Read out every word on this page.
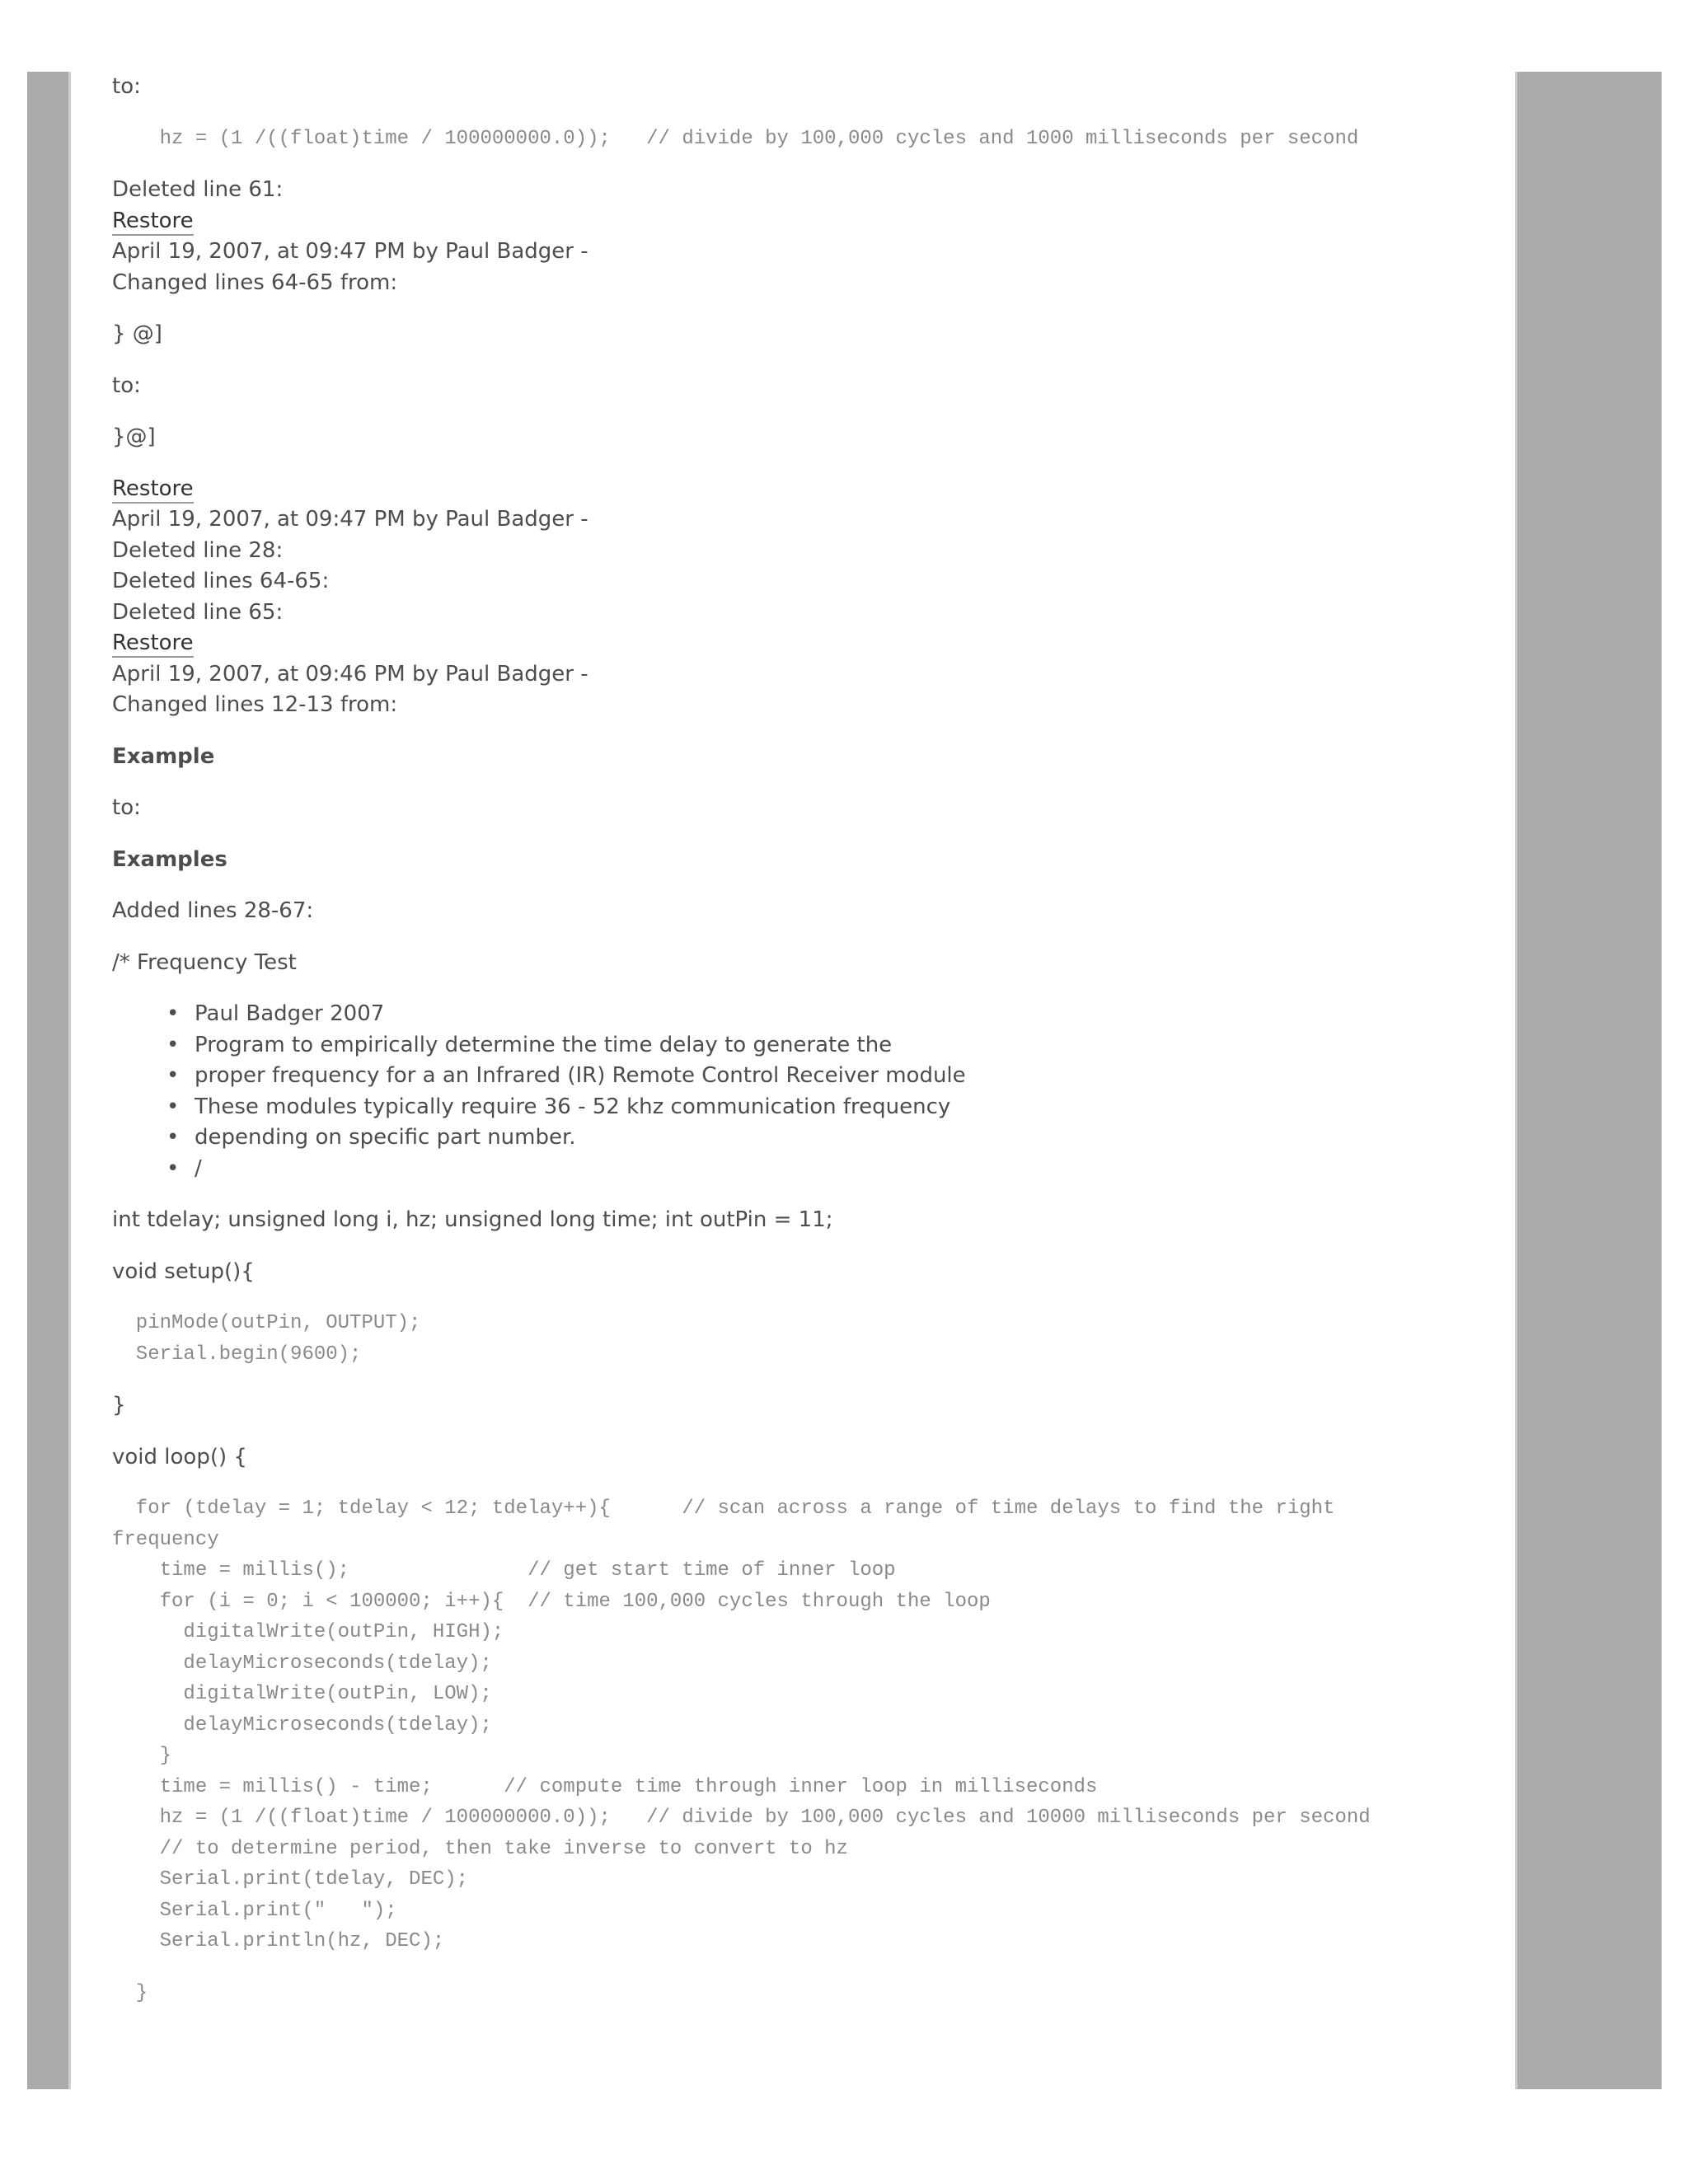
to:

hz = (1 /((float)time / 100000000.0));   // divide by 100,000 cycles and 1000 milliseconds per second

Deleted line 61:

Restore

April 19, 2007, at 09:47 PM by Paul Badger -

Changed lines 64-65 from:

} @]

to:

}@]

Restore

April 19, 2007, at 09:47 PM by Paul Badger -

Deleted line 28:

Deleted lines 64-65:

Deleted line 65:

Restore

April 19, 2007, at 09:46 PM by Paul Badger -

Changed lines 12-13 from:

Example

to:

Examples

Added lines 28-67:

/* Frequency Test

• Paul Badger 2007
• Program to empirically determine the time delay to generate the
• proper frequency for a an Infrared (IR) Remote Control Receiver module
• These modules typically require 36 - 52 khz communication frequency
• depending on specific part number.
• /

int tdelay; unsigned long i, hz; unsigned long time; int outPin = 11;

void setup(){

pinMode(outPin, OUTPUT);
Serial.begin(9600);

}

void loop() {

for (tdelay = 1; tdelay < 12; tdelay++){      // scan across a range of time delays to find the right
frequency
time = millis();               // get start time of inner loop
for (i = 0; i < 100000; i++){  // time 100,000 cycles through the loop
digitalWrite(outPin, HIGH);
delayMicroseconds(tdelay);
digitalWrite(outPin, LOW);
delayMicroseconds(tdelay);
}
time = millis() - time;      // compute time through inner loop in milliseconds
hz = (1 /((float)time / 100000000.0));   // divide by 100,000 cycles and 10000 milliseconds per second
// to determine period, then take inverse to convert to hz
Serial.print(tdelay, DEC);
Serial.print("   ");
Serial.println(hz, DEC);
}
